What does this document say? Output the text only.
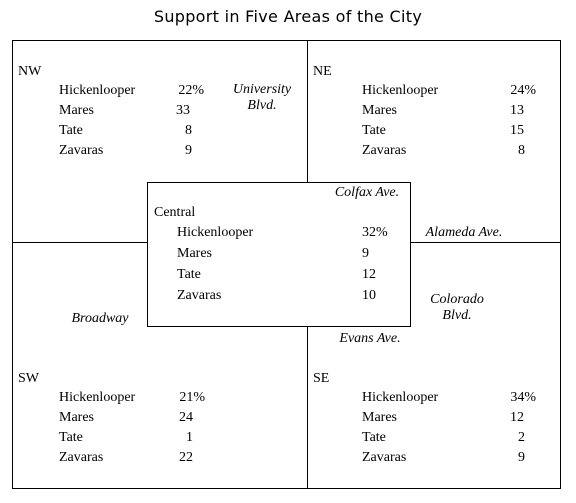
Support in Five Areas of the City
University
Blvd.
Colfax Ave.
Alameda Ave.
Broadway
Colorado
Blvd.
Evans Ave.
NW
Hickenlooper	22%
Mares	33
Tate	8
Zavaras	9
NE
Hickenlooper	24%
Mares	13
Tate	15
Zavaras	8
Central
Hickenlooper	32%
Mares	9
Tate	12
Zavaras	10
SW
Hickenlooper	21%
Mares	24
Tate	1
Zavaras	22
SE
Hickenlooper	34%
Mares	12
Tate	2
Zavaras	9
